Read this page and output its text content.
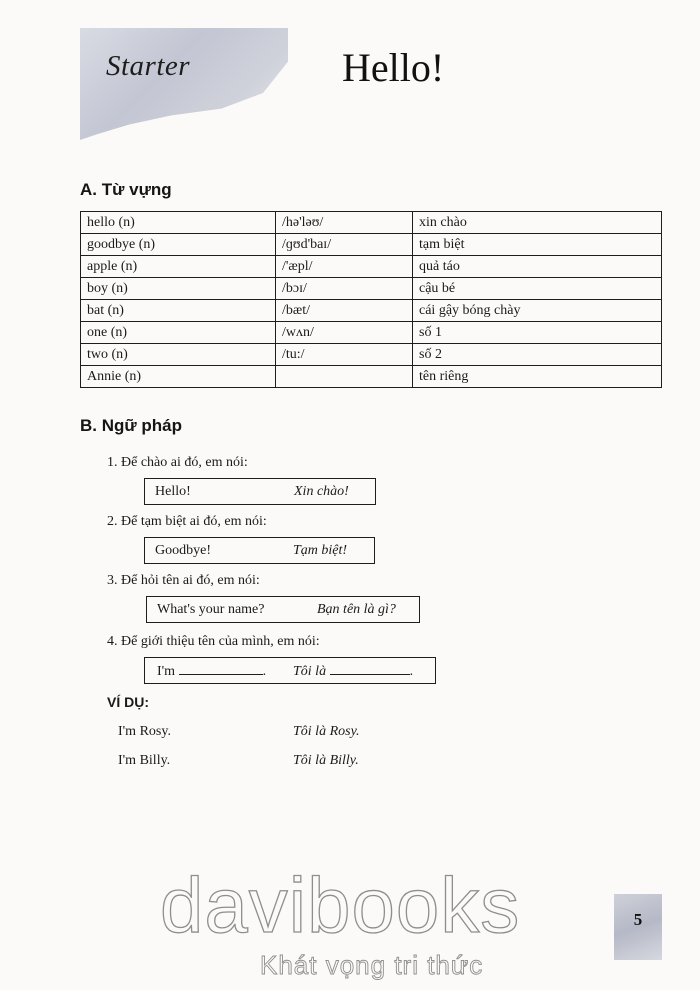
Starter	Hello!
A. Từ vựng
hello (n)	/hə'ləʊ/	xin chào
goodbye (n)	/ɡʊd'baɪ/	tạm biệt
apple (n)	/'æpl/	quả táo
boy (n)	/bɔɪ/	cậu bé
bat (n)	/bæt/	cái gậy bóng chày
one (n)	/wʌn/	số 1
two (n)	/tu:/	số 2
Annie (n)		tên riêng
B. Ngữ pháp
1. Để chào ai đó, em nói:
Hello!	Xin chào!
2. Để tạm biệt ai đó, em nói:
Goodbye!	Tạm biệt!
3. Để hỏi tên ai đó, em nói:
What's your name?	Bạn tên là gì?
4. Để giới thiệu tên của mình, em nói:
I'm	. Tôi là	.
VÍ DỤ:
I'm Rosy.	Tôi là Rosy.
I'm Billy.	Tôi là Billy.
davibooks
Khát vọng tri thức
5
